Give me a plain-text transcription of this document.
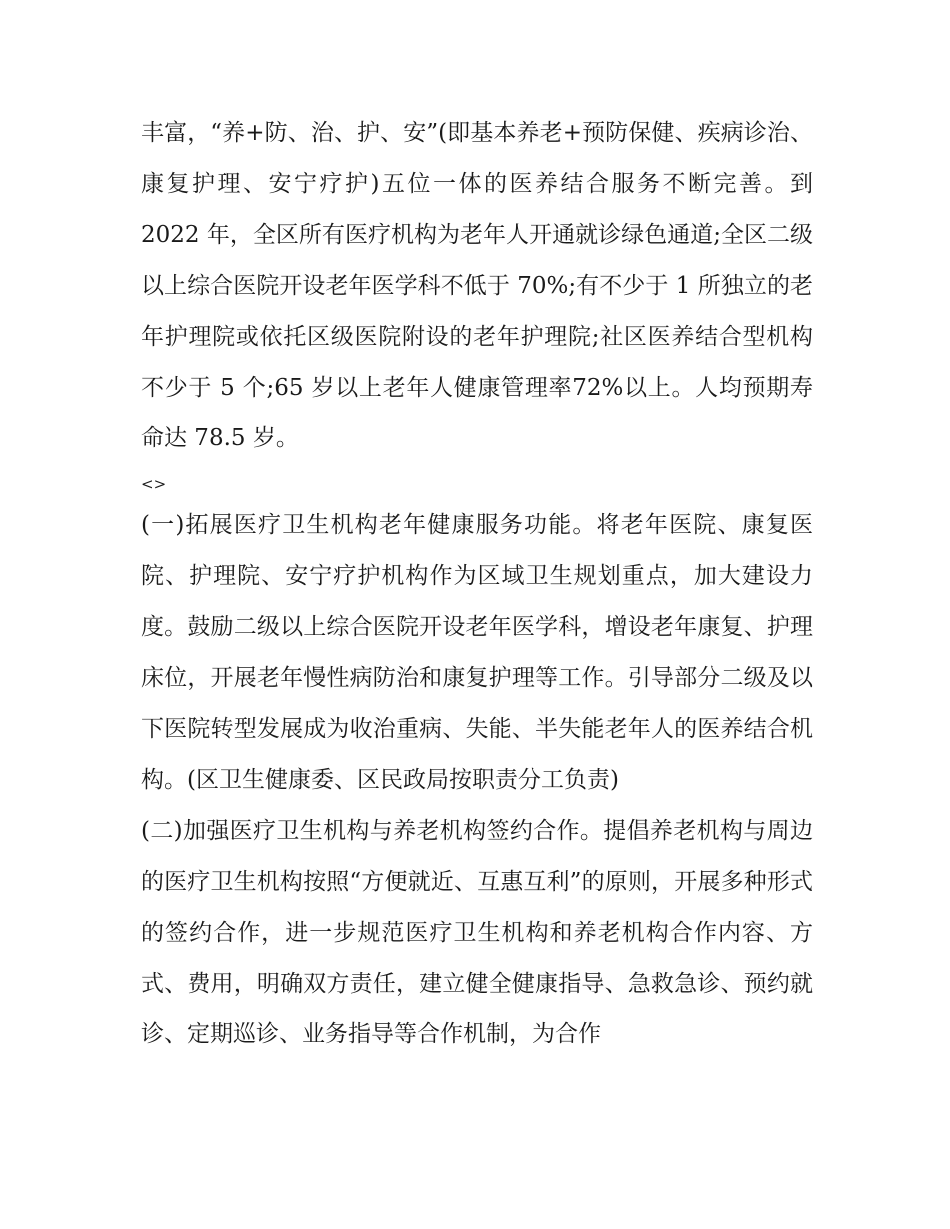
丰富，“养+防、治、护、安”(即基本养老+预防保健、疾病诊治、康复护理、安宁疗护)五位一体的医养结合服务不断完善。到 2022 年，全区所有医疗机构为老年人开通就诊绿色通道;全区二级以上综合医院开设老年医学科不低于 70%;有不少于 1 所独立的老年护理院或依托区级医院附设的老年护理院;社区医养结合型机构不少于 5 个;65 岁以上老年人健康管理率72%以上。人均预期寿命达 78.5 岁。

<>

(一)拓展医疗卫生机构老年健康服务功能。将老年医院、康复医院、护理院、安宁疗护机构作为区域卫生规划重点，加大建设力度。鼓励二级以上综合医院开设老年医学科，增设老年康复、护理床位，开展老年慢性病防治和康复护理等工作。引导部分二级及以下医院转型发展成为收治重病、失能、半失能老年人的医养结合机构。(区卫生健康委、区民政局按职责分工负责)

(二)加强医疗卫生机构与养老机构签约合作。提倡养老机构与周边的医疗卫生机构按照“方便就近、互惠互利”的原则，开展多种形式的签约合作，进一步规范医疗卫生机构和养老机构合作内容、方式、费用，明确双方责任，建立健全健康指导、急救急诊、预约就诊、定期巡诊、业务指导等合作机制，为合作
